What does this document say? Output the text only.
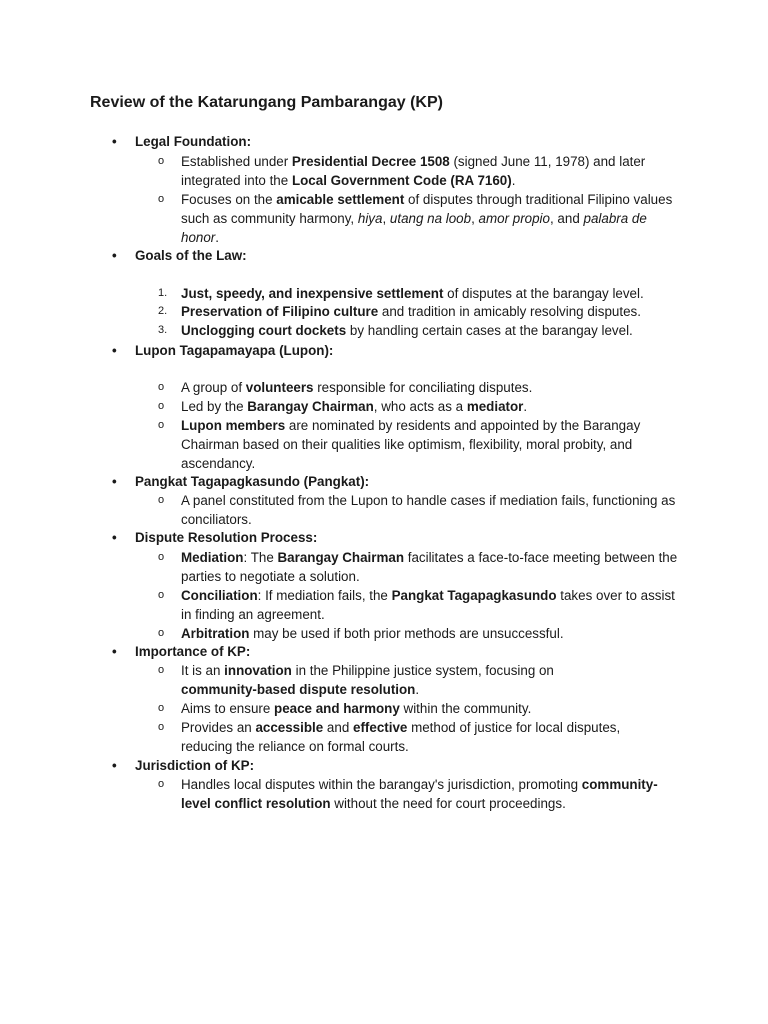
Review of the Katarungang Pambarangay (KP)
• Legal Foundation:
o Established under Presidential Decree 1508 (signed June 11, 1978) and later integrated into the Local Government Code (RA 7160).
o Focuses on the amicable settlement of disputes through traditional Filipino values such as community harmony, hiya, utang na loob, amor propio, and palabra de honor.
• Goals of the Law:
1. Just, speedy, and inexpensive settlement of disputes at the barangay level.
2. Preservation of Filipino culture and tradition in amicably resolving disputes.
3. Unclogging court dockets by handling certain cases at the barangay level.
• Lupon Tagapamayapa (Lupon):
o A group of volunteers responsible for conciliating disputes.
o Led by the Barangay Chairman, who acts as a mediator.
o Lupon members are nominated by residents and appointed by the Barangay Chairman based on their qualities like optimism, flexibility, moral probity, and ascendancy.
• Pangkat Tagapagkasundo (Pangkat):
o A panel constituted from the Lupon to handle cases if mediation fails, functioning as conciliators.
• Dispute Resolution Process:
o Mediation: The Barangay Chairman facilitates a face-to-face meeting between the parties to negotiate a solution.
o Conciliation: If mediation fails, the Pangkat Tagapagkasundo takes over to assist in finding an agreement.
o Arbitration may be used if both prior methods are unsuccessful.
• Importance of KP:
o It is an innovation in the Philippine justice system, focusing on community-based dispute resolution.
o Aims to ensure peace and harmony within the community.
o Provides an accessible and effective method of justice for local disputes, reducing the reliance on formal courts.
• Jurisdiction of KP:
o Handles local disputes within the barangay's jurisdiction, promoting community-level conflict resolution without the need for court proceedings.
